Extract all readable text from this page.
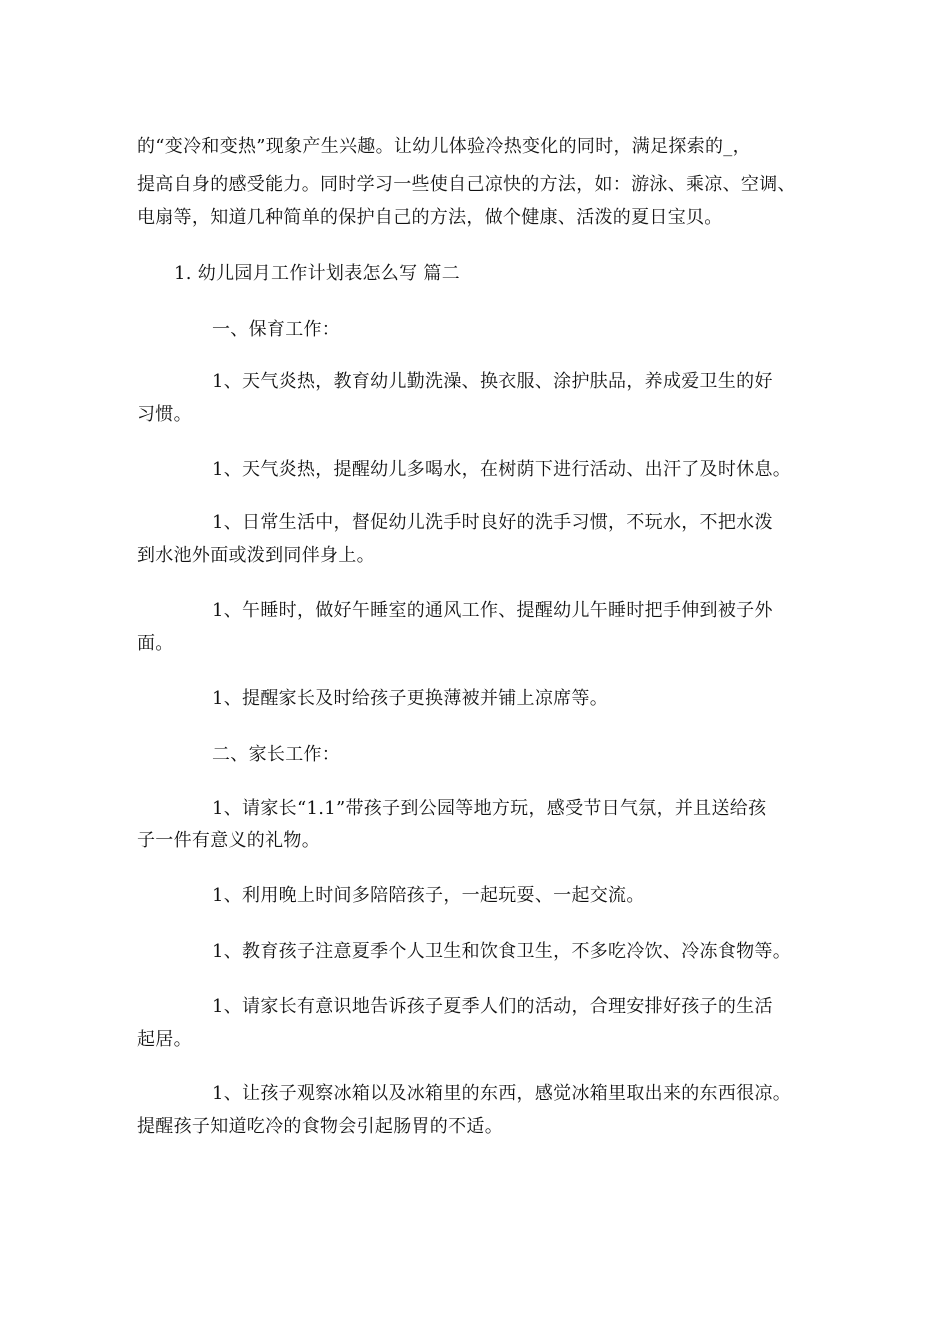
的“变冷和变热”现象产生兴趣。让幼儿体验冷热变化的同时，满足探索的_，
提高自身的感受能力。同时学习一些使自己凉快的方法，如：游泳、乘凉、空调、
电扇等，知道几种简单的保护自己的方法，做个健康、活泼的夏日宝贝。
1. 幼儿园月工作计划表怎么写 篇二
一、保育工作：
1、天气炎热，教育幼儿勤洗澡、换衣服、涂护肤品，养成爱卫生的好
习惯。
1、天气炎热，提醒幼儿多喝水，在树荫下进行活动、出汗了及时休息。
1、日常生活中，督促幼儿洗手时良好的洗手习惯，不玩水，不把水泼
到水池外面或泼到同伴身上。
1、午睡时，做好午睡室的通风工作、提醒幼儿午睡时把手伸到被子外
面。
1、提醒家长及时给孩子更换薄被并铺上凉席等。
二、家长工作：
1、请家长“1.1”带孩子到公园等地方玩，感受节日气氛，并且送给孩
子一件有意义的礼物。
1、利用晚上时间多陪陪孩子，一起玩耍、一起交流。
1、教育孩子注意夏季个人卫生和饮食卫生，不多吃冷饮、冷冻食物等。
1、请家长有意识地告诉孩子夏季人们的活动，合理安排好孩子的生活
起居。
1、让孩子观察冰箱以及冰箱里的东西，感觉冰箱里取出来的东西很凉。
提醒孩子知道吃冷的食物会引起肠胃的不适。
